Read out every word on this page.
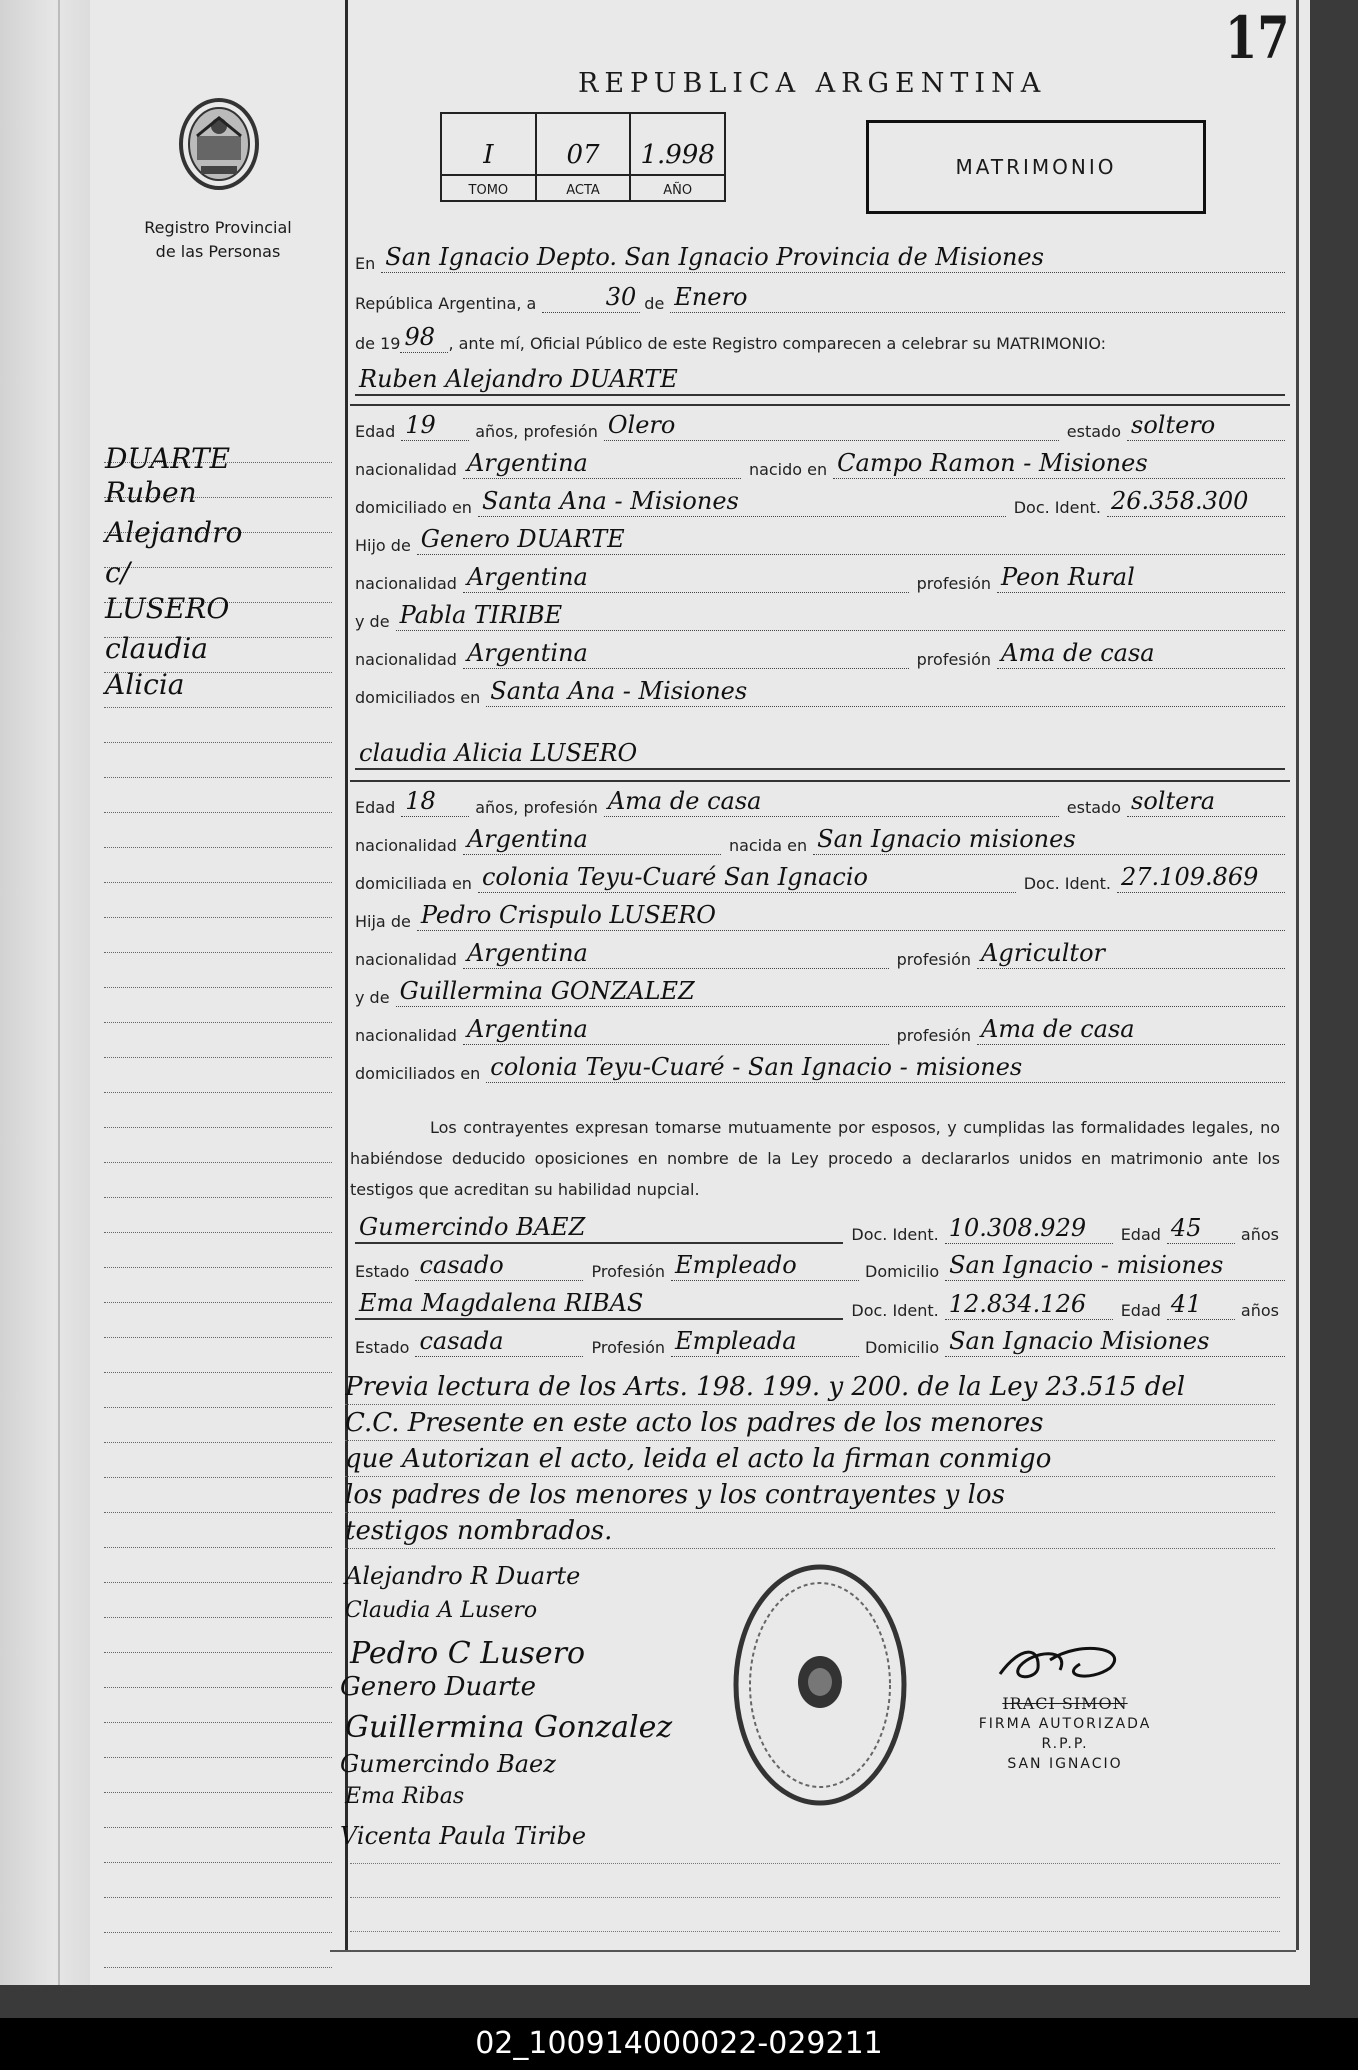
17
REPUBLICA ARGENTINA
Registro Provincial
de las Personas
I
TOMO
07
ACTA
1.998
AÑO
MATRIMONIO
DUARTE
Ruben
Alejandro
c/
LUSERO
claudia
Alicia
En San Ignacio Depto. San Ignacio Provincia de Misiones
República Argentina, a	30 de Enero
de 19 98 , ante mí, Oficial Público de este Registro comparecen a celebrar su MATRIMONIO:
Ruben Alejandro DUARTE
Edad 19	años, profesión Olero	estado soltero
nacionalidad Argentina	nacido en Campo Ramon - Misiones
domiciliado en Santa Ana - Misiones	Doc. Ident. 26.358.300
Hijo de Genero DUARTE
nacionalidad Argentina	profesión Peon Rural
y de Pabla TIRIBE
nacionalidad Argentina	profesión Ama de casa
domiciliados en Santa Ana - Misiones
claudia Alicia LUSERO
Edad 18	años, profesión Ama de casa	estado soltera
nacionalidad Argentina	nacida en San Ignacio misiones
domiciliada en colonia Teyu-Cuaré San Ignacio	Doc. Ident. 27.109.869
Hija de Pedro Crispulo LUSERO
nacionalidad Argentina	profesión Agricultor
y de Guillermina GONZALEZ
nacionalidad Argentina	profesión Ama de casa
domiciliados en colonia Teyu-Cuaré - San Ignacio - misiones
Los contrayentes expresan tomarse mutuamente por esposos, y cumplidas las formalidades legales, no habiéndose deducido oposiciones en nombre de la Ley procedo a declararlos unidos en matrimonio ante los testigos que acreditan su habilidad nupcial.
Gumercindo BAEZ	Doc. Ident. 10.308.929	Edad 45	años
Estado casado	Profesión Empleado	Domicilio San Ignacio - misiones
Ema Magdalena RIBAS	Doc. Ident. 12.834.126	Edad 41	años
Estado casada	Profesión Empleada	Domicilio San Ignacio Misiones
Previa lectura de los Arts. 198. 199. y 200. de la Ley 23.515 del
C.C. Presente en este acto los padres de los menores
que Autorizan el acto, leida el acto la firman conmigo
los padres de los menores y los contrayentes y los
testigos nombrados.
Alejandro R Duarte
Claudia A Lusero
Pedro C Lusero
Genero Duarte
Guillermina Gonzalez
Gumercindo Baez
Ema Ribas
Vicenta Paula Tiribe
IRACI SIMON
FIRMA AUTORIZADA
R.P.P.
SAN IGNACIO
02_100914000022-029211
